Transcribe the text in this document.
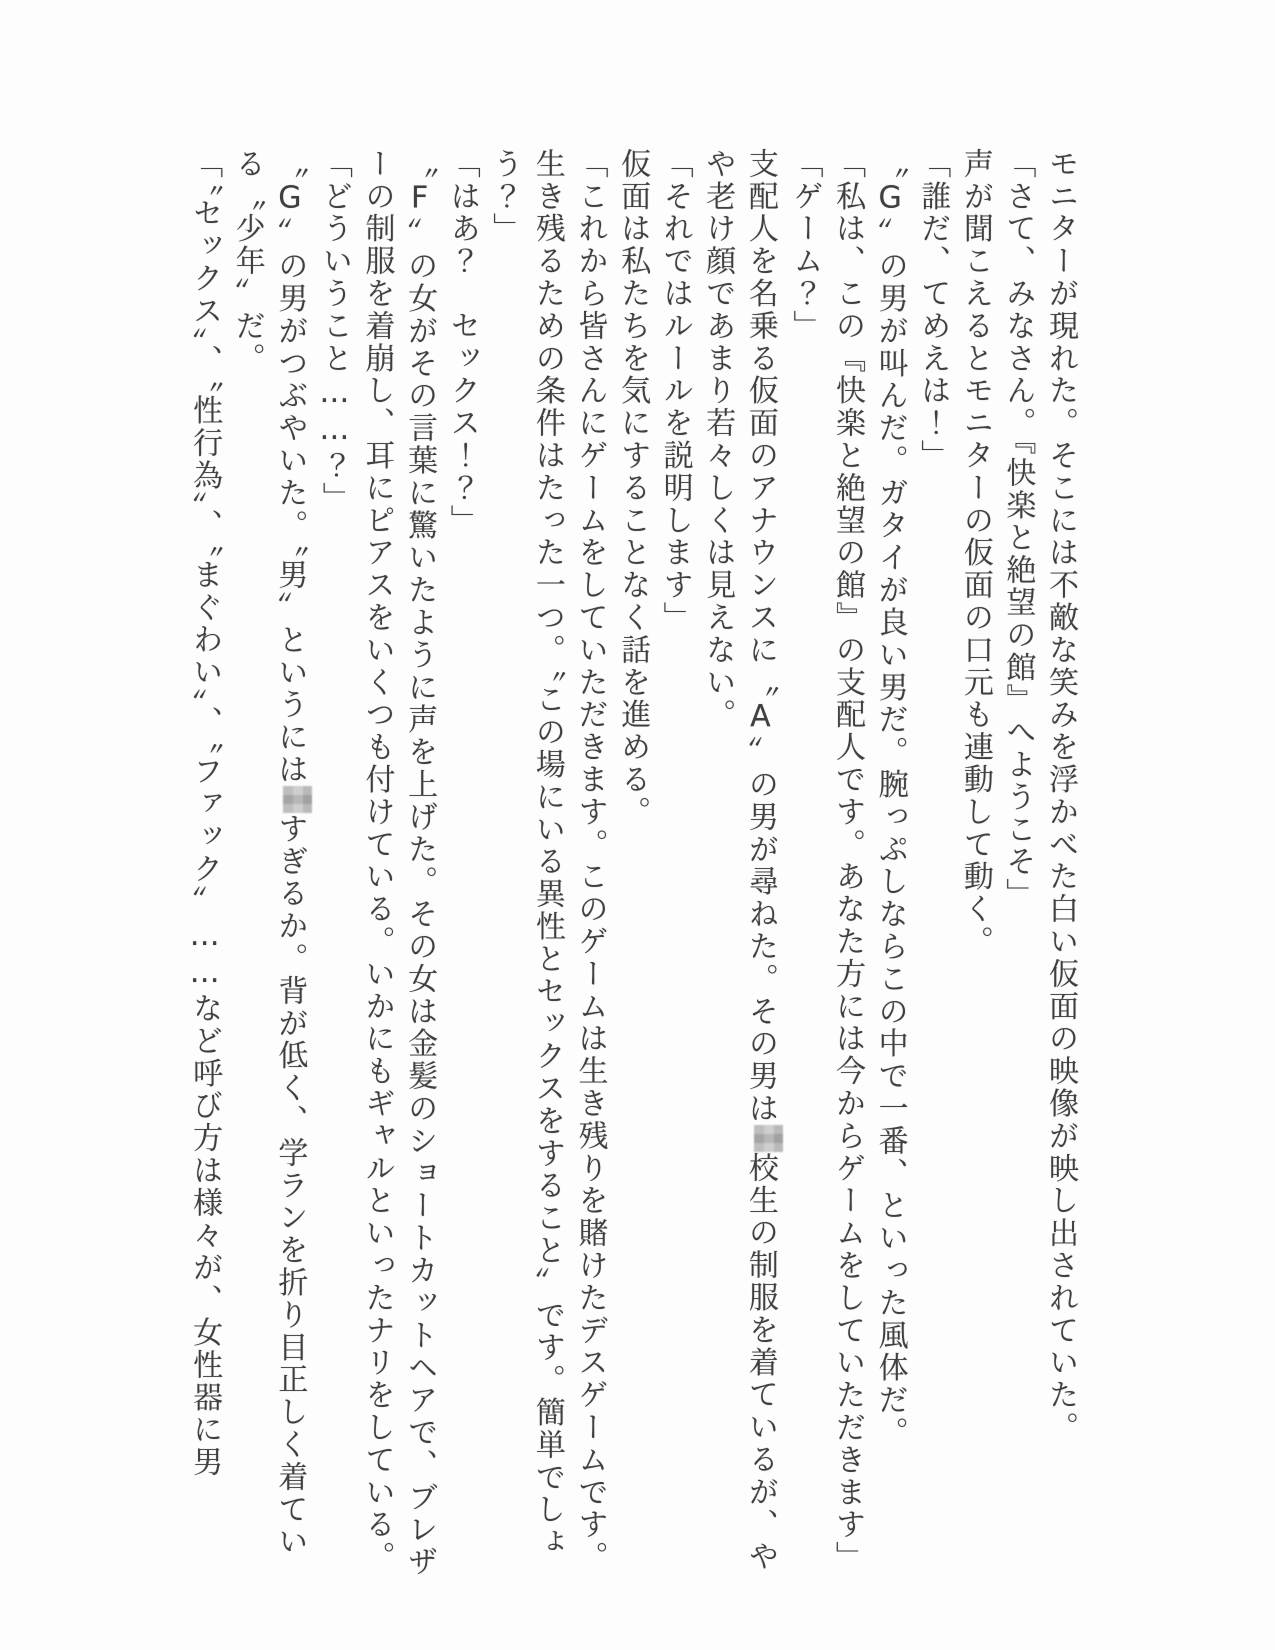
モニターが現れた。そこには不敵な笑みを浮かべた白い仮面の映像が映し出されていた。

「さて、みなさん。『快楽と絶望の館』へようこそ」

声が聞こえるとモニターの仮面の口元も連動して動く。

「誰だ、てめえは！」

〝G〟の男が叫んだ。ガタイが良い男だ。腕っぷしならこの中で一番、といった風体だ。

「私は、この『快楽と絶望の館』の支配人です。あなた方には今からゲームをしていただきます」

「ゲーム？」

支配人を名乗る仮面のアナウンスに〝A〟の男が尋ねた。その男は校生の制服を着ているが、やや老け顔であまり若々しくは見えない。

「それではルールを説明します」

仮面は私たちを気にすることなく話を進める。

「これから皆さんにゲームをしていただきます。このゲームは生き残りを賭けたデスゲームです。生き残るための条件はたった一つ。〝この場にいる異性とセックスをすること〟です。簡単でしょう？」

「はあ？　セックス！？」

〝F〟の女がその言葉に驚いたように声を上げた。その女は金髪のショートカットヘアで、ブレザーの制服を着崩し、耳にピアスをいくつも付けている。いかにもギャルといったナリをしている。

「どういうこと……？」

〝G〟の男がつぶやいた。〝男〟というにはすぎるか。背が低く、学ランを折り目正しく着ている〝少年〟だ。

「〝セックス〟、〝性行為〟、〝まぐわい〟、〝ファック〟……など呼び方は様々が、女性器に男
